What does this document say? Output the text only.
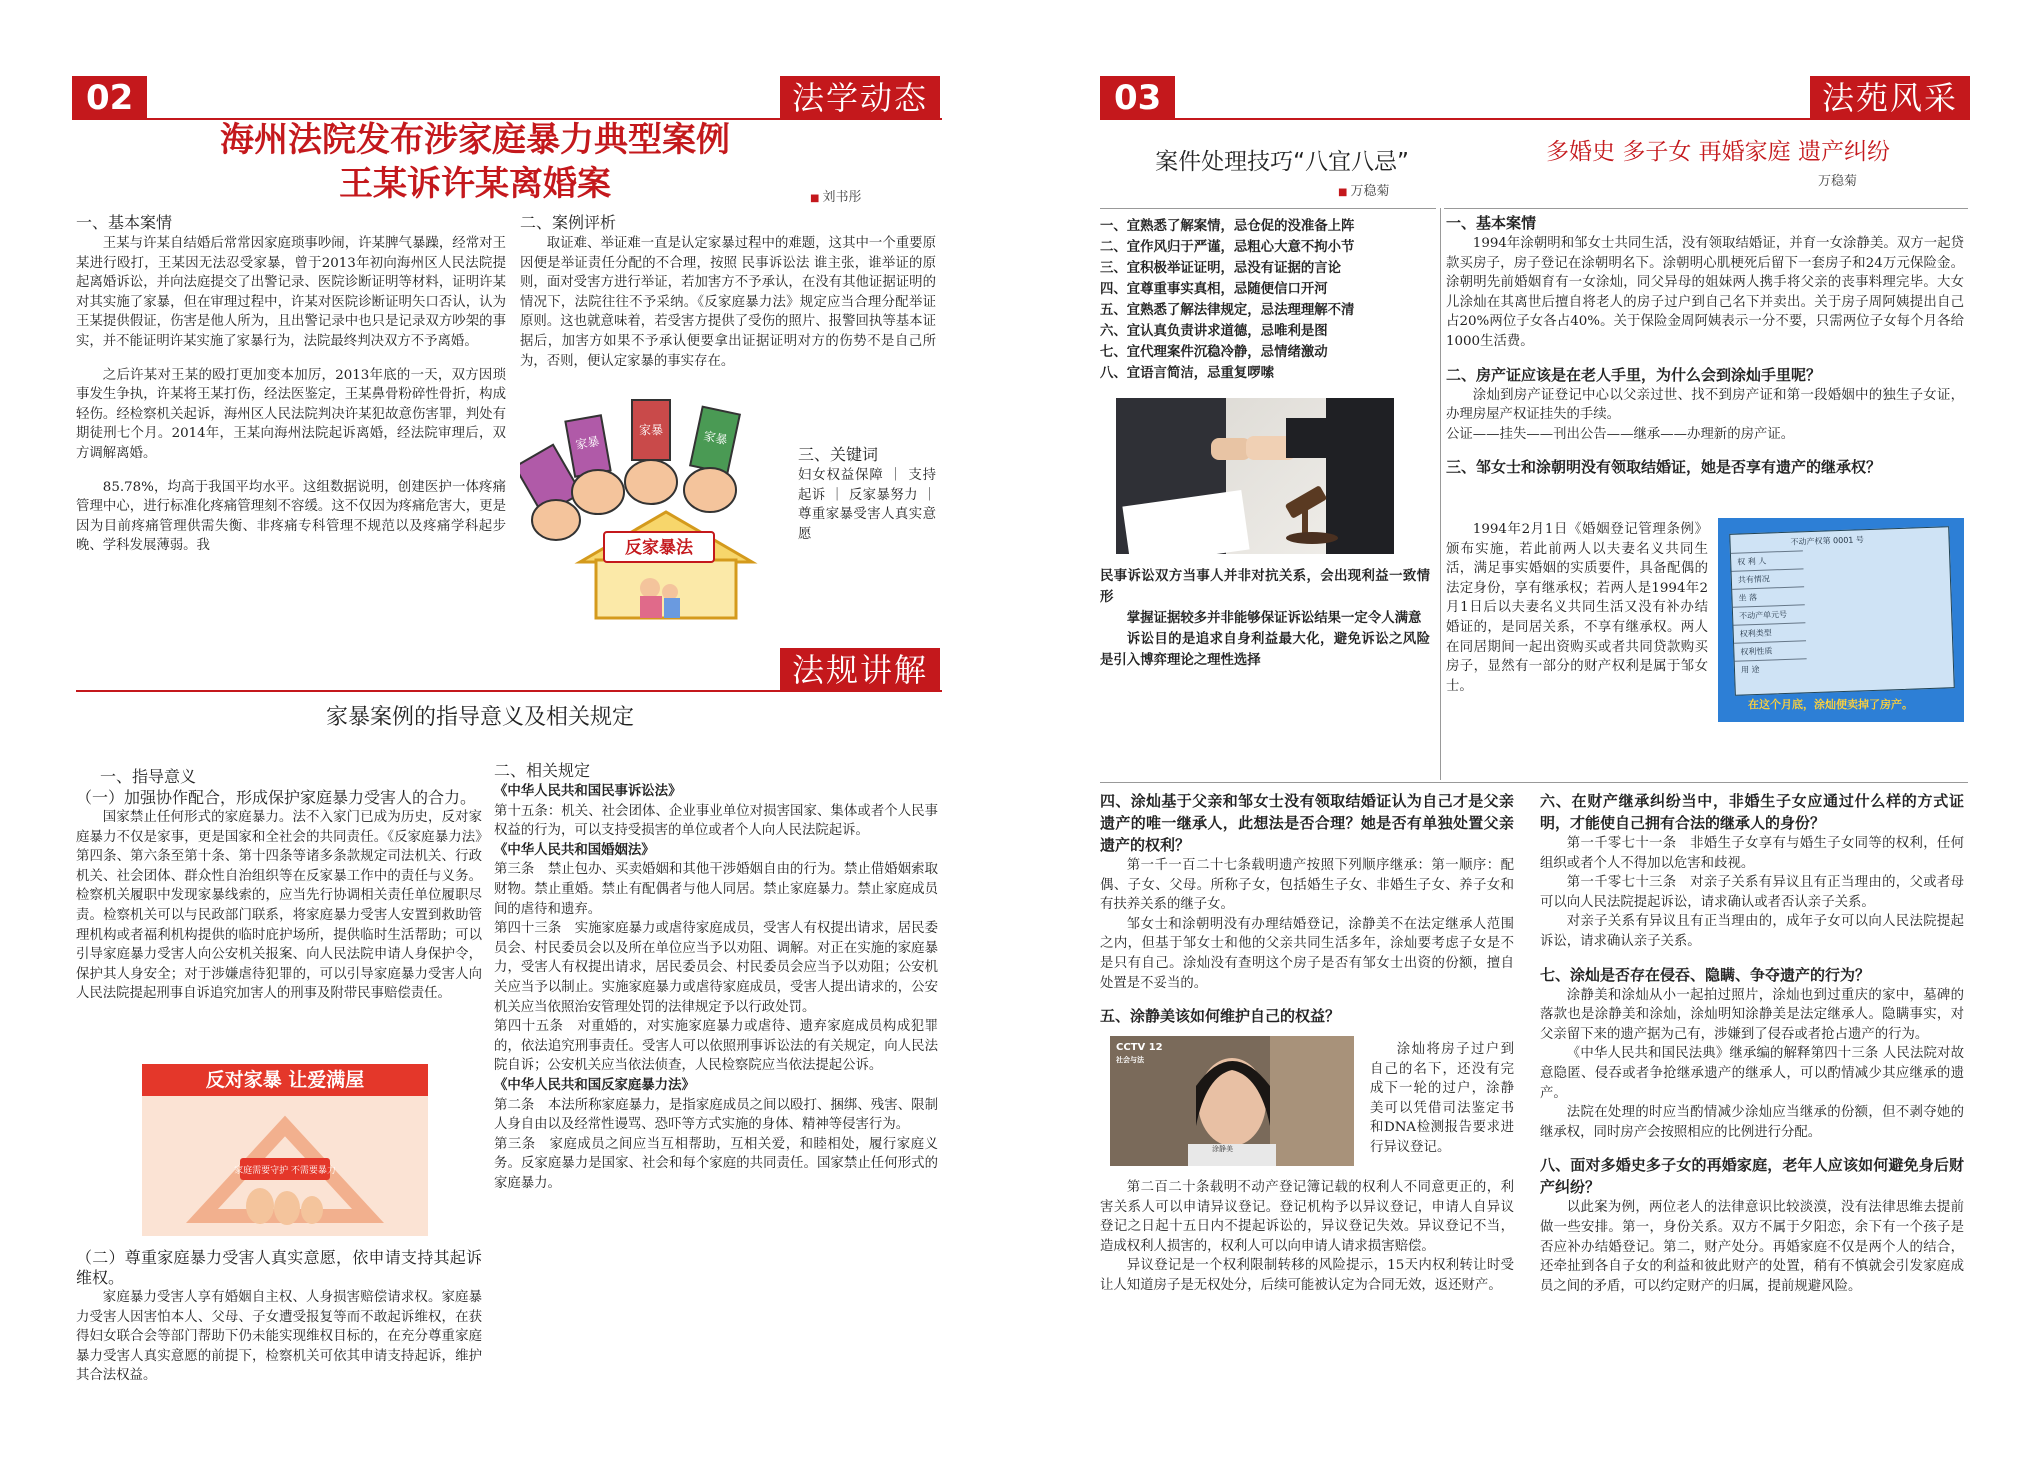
02	法学动态
海州法院发布涉家庭暴力典型案例
王某诉许某离婚案
■	刘书彤

一、基本案情

王某与许某自结婚后常常因家庭琐事吵闹，许某脾气暴躁，经常对王某进行殴打，王某因无法忍受家暴，曾于2013年初向海州区人民法院提起离婚诉讼，并向法庭提交了出警记录、医院诊断证明等材料，证明许某对其实施了家暴，但在审理过程中，许某对医院诊断证明矢口否认，认为王某提供假证，伤害是他人所为，且出警记录中也只是记录双方吵架的事实，并不能证明许某实施了家暴行为，法院最终判决双方不予离婚。

之后许某对王某的殴打更加变本加厉，2013年底的一天，双方因琐事发生争执，许某将王某打伤，经法医鉴定，王某鼻骨粉碎性骨折，构成轻伤。经检察机关起诉，海州区人民法院判决许某犯故意伤害罪，判处有期徒刑七个月。2014年，王某向海州法院起诉离婚，经法院审理后，双方调解离婚。

85.78%，均高于我国平均水平。这组数据说明，创建医护一体疼痛管理中心，进行标准化疼痛管理刻不容缓。这不仅因为疼痛危害大，更是因为目前疼痛管理供需失衡、非疼痛专科管理不规范以及疼痛学科起步晚、学科发展薄弱。我

二、案例评析

取证难、举证难一直是认定家暴过程中的难题，这其中一个重要原因便是举证责任分配的不合理，按照 民事诉讼法 谁主张，谁举证的原则，面对受害方进行举证，若加害方不予承认，在没有其他证据证明的情况下，法院往往不予采纳。《反家庭暴力法》规定应当合理分配举证原则。这也就意味着，若受害方提供了受伤的照片、报警回执等基本证据后，加害方如果不予承认便要拿出证据证明对方的伤势不是自己所为，否则，便认定家暴的事实存在。

家暴
家暴	家暴
反家暴法

三、关键词

妇女权益保障 ｜ 支持起诉 ｜ 反家暴努力 ｜ 尊重家暴受害人真实意愿

法规讲解
家暴案例的指导意义及相关规定

一、指导意义

（一）加强协作配合，形成保护家庭暴力受害人的合力。

国家禁止任何形式的家庭暴力。法不入家门已成为历史，反对家庭暴力不仅是家事，更是国家和全社会的共同责任。《反家庭暴力法》第四条、第六条至第十条、第十四条等诸多条款规定司法机关、行政机关、社会团体、群众性自治组织等在反家暴工作中的责任与义务。检察机关履职中发现家暴线索的，应当先行协调相关责任单位履职尽责。检察机关可以与民政部门联系，将家庭暴力受害人安置到救助管理机构或者福利机构提供的临时庇护场所，提供临时生活帮助；可以引导家庭暴力受害人向公安机关报案、向人民法院申请人身保护令，保护其人身安全；对于涉嫌虐待犯罪的，可以引导家庭暴力受害人向人民法院提起刑事自诉追究加害人的刑事及附带民事赔偿责任。

反对家暴 让爱满屋
家庭需要守护 不需要暴力

（二）尊重家庭暴力受害人真实意愿，依申请支持其起诉维权。

家庭暴力受害人享有婚姻自主权、人身损害赔偿请求权。家庭暴力受害人因害怕本人、父母、子女遭受报复等而不敢起诉维权，在获得妇女联合会等部门帮助下仍未能实现维权目标的，在充分尊重家庭暴力受害人真实意愿的前提下，检察机关可依其申请支持起诉，维护其合法权益。

二、相关规定

《中华人民共和国民事诉讼法》

第十五条：机关、社会团体、企业事业单位对损害国家、集体或者个人民事权益的行为，可以支持受损害的单位或者个人向人民法院起诉。

《中华人民共和国婚姻法》

第三条　禁止包办、买卖婚姻和其他干涉婚姻自由的行为。禁止借婚姻索取财物。禁止重婚。禁止有配偶者与他人同居。禁止家庭暴力。禁止家庭成员间的虐待和遗弃。

第四十三条　实施家庭暴力或虐待家庭成员，受害人有权提出请求，居民委员会、村民委员会以及所在单位应当予以劝阻、调解。对正在实施的家庭暴力，受害人有权提出请求，居民委员会、村民委员会应当予以劝阻；公安机关应当予以制止。实施家庭暴力或虐待家庭成员，受害人提出请求的，公安机关应当依照治安管理处罚的法律规定予以行政处罚。

第四十五条　对重婚的，对实施家庭暴力或虐待、遗弃家庭成员构成犯罪的，依法追究刑事责任。受害人可以依照刑事诉讼法的有关规定，向人民法院自诉；公安机关应当依法侦查，人民检察院应当依法提起公诉。

《中华人民共和国反家庭暴力法》

第二条　本法所称家庭暴力，是指家庭成员之间以殴打、捆绑、残害、限制人身自由以及经常性谩骂、恐吓等方式实施的身体、精神等侵害行为。

第三条　家庭成员之间应当互相帮助，互相关爱，和睦相处，履行家庭义务。反家庭暴力是国家、社会和每个家庭的共同责任。国家禁止任何形式的家庭暴力。

03	法苑风采
案件处理技巧“八宜八忌”
■ 万稳菊
多婚史 多子女 再婚家庭 遗产纠纷
万稳菊

一、宜熟悉了解案情，忌仓促的没准备上阵

二、宜作风归于严谨，忌粗心大意不拘小节

三、宜积极举证证明，忌没有证据的言论

四、宜尊重事实真相，忌随便信口开河

五、宜熟悉了解法律规定，忌法理理解不清

六、宜认真负责讲求道德，忌唯利是图

七、宜代理案件沉稳冷静，忌情绪激动

八、宜语言简洁，忌重复啰嗦

民事诉讼双方当事人并非对抗关系，会出现利益一致情形

掌握证据较多并非能够保证诉讼结果一定令人满意

诉讼目的是追求自身利益最大化，避免诉讼之风险是引入博弈理论之理性选择

一、基本案情

1994年涂朝明和邹女士共同生活，没有领取结婚证，并育一女涂静美。双方一起贷款买房子，房子登记在涂朝明名下。涂朝明心肌梗死后留下一套房子和24万元保险金。涂朝明先前婚姻育有一女涂灿，同父异母的姐妹两人携手将父亲的丧事料理完毕。大女儿涂灿在其离世后擅自将老人的房子过户到自己名下并卖出。关于房子周阿姨提出自己占20%两位子女各占40%。关于保险金周阿姨表示一分不要，只需两位子女每个月各给1000生活费。

二、房产证应该是在老人手里，为什么会到涂灿手里呢？

涂灿到房产证登记中心以父亲过世、找不到房产证和第一段婚姻中的独生子女证，办理房屋产权证挂失的手续。

公证——挂失——刊出公告——继承——办理新的房产证。

三、邹女士和涂朝明没有领取结婚证，她是否享有遗产的继承权？

1994年2月1日《婚姻登记管理条例》颁布实施，若此前两人以夫妻名义共同生活，满足事实婚姻的实质要件，具备配偶的法定身份，享有继承权；若两人是1994年2月1日后以夫妻名义共同生活又没有补办结婚证的，是同居关系，不享有继承权。两人在同居期间一起出资购买或者共同贷款购买房子，显然有一部分的财产权利是属于邹女士。

不动产权第 0001 号
权 利 人
共有情况
坐 落
不动产单元号
权利类型
权利性质
用 途
在这个月底，涂灿便卖掉了房产。

四、涂灿基于父亲和邹女士没有领取结婚证认为自己才是父亲遗产的唯一继承人，此想法是否合理？她是否有单独处置父亲遗产的权利？

第一千一百二十七条载明遗产按照下列顺序继承：第一顺序：配偶、子女、父母。所称子女，包括婚生子女、非婚生子女、养子女和有扶养关系的继子女。

邹女士和涂朝明没有办理结婚登记，涂静美不在法定继承人范围之内，但基于邹女士和他的父亲共同生活多年，涂灿要考虑子女是不是只有自己。涂灿没有查明这个房子是否有邹女士出资的份额，擅自处置是不妥当的。

五、涂静美该如何维护自己的权益？

CCTV 12
社会与法
涂静美

涂灿将房子过户到自己的名下，还没有完成下一轮的过户，涂静美可以凭借司法鉴定书和DNA检测报告要求进行异议登记。

第二百二十条载明不动产登记簿记载的权利人不同意更正的，利害关系人可以申请异议登记。登记机构予以异议登记，申请人自异议登记之日起十五日内不提起诉讼的，异议登记失效。异议登记不当，造成权利人损害的，权利人可以向申请人请求损害赔偿。

异议登记是一个权利限制转移的风险提示，15天内权利转让时受让人知道房子是无权处分，后续可能被认定为合同无效，返还财产。

六、在财产继承纠纷当中，非婚生子女应通过什么样的方式证明，才能使自己拥有合法的继承人的身份？

第一千零七十一条　非婚生子女享有与婚生子女同等的权利，任何组织或者个人不得加以危害和歧视。

第一千零七十三条　对亲子关系有异议且有正当理由的，父或者母可以向人民法院提起诉讼，请求确认或者否认亲子关系。

对亲子关系有异议且有正当理由的，成年子女可以向人民法院提起诉讼，请求确认亲子关系。

七、涂灿是否存在侵吞、隐瞒、争夺遗产的行为？

涂静美和涂灿从小一起拍过照片，涂灿也到过重庆的家中，墓碑的落款也是涂静美和涂灿，涂灿明知涂静美是法定继承人。隐瞒事实，对父亲留下来的遗产据为己有，涉嫌到了侵吞或者抢占遗产的行为。

《中华人民共和国民法典》继承编的解释第四十三条 人民法院对故意隐匿、侵吞或者争抢继承遗产的继承人，可以酌情减少其应继承的遗产。

法院在处理的时应当酌情减少涂灿应当继承的份额，但不剥夺她的继承权，同时房产会按照相应的比例进行分配。

八、面对多婚史多子女的再婚家庭，老年人应该如何避免身后财产纠纷？

以此案为例，两位老人的法律意识比较淡漠，没有法律思维去提前做一些安排。第一，身份关系。双方不属于夕阳恋，余下有一个孩子是否应补办结婚登记。第二，财产处分。再婚家庭不仅是两个人的结合，还牵扯到各自子女的利益和彼此财产的处置，稍有不慎就会引发家庭成员之间的矛盾，可以约定财产的归属，提前规避风险。
